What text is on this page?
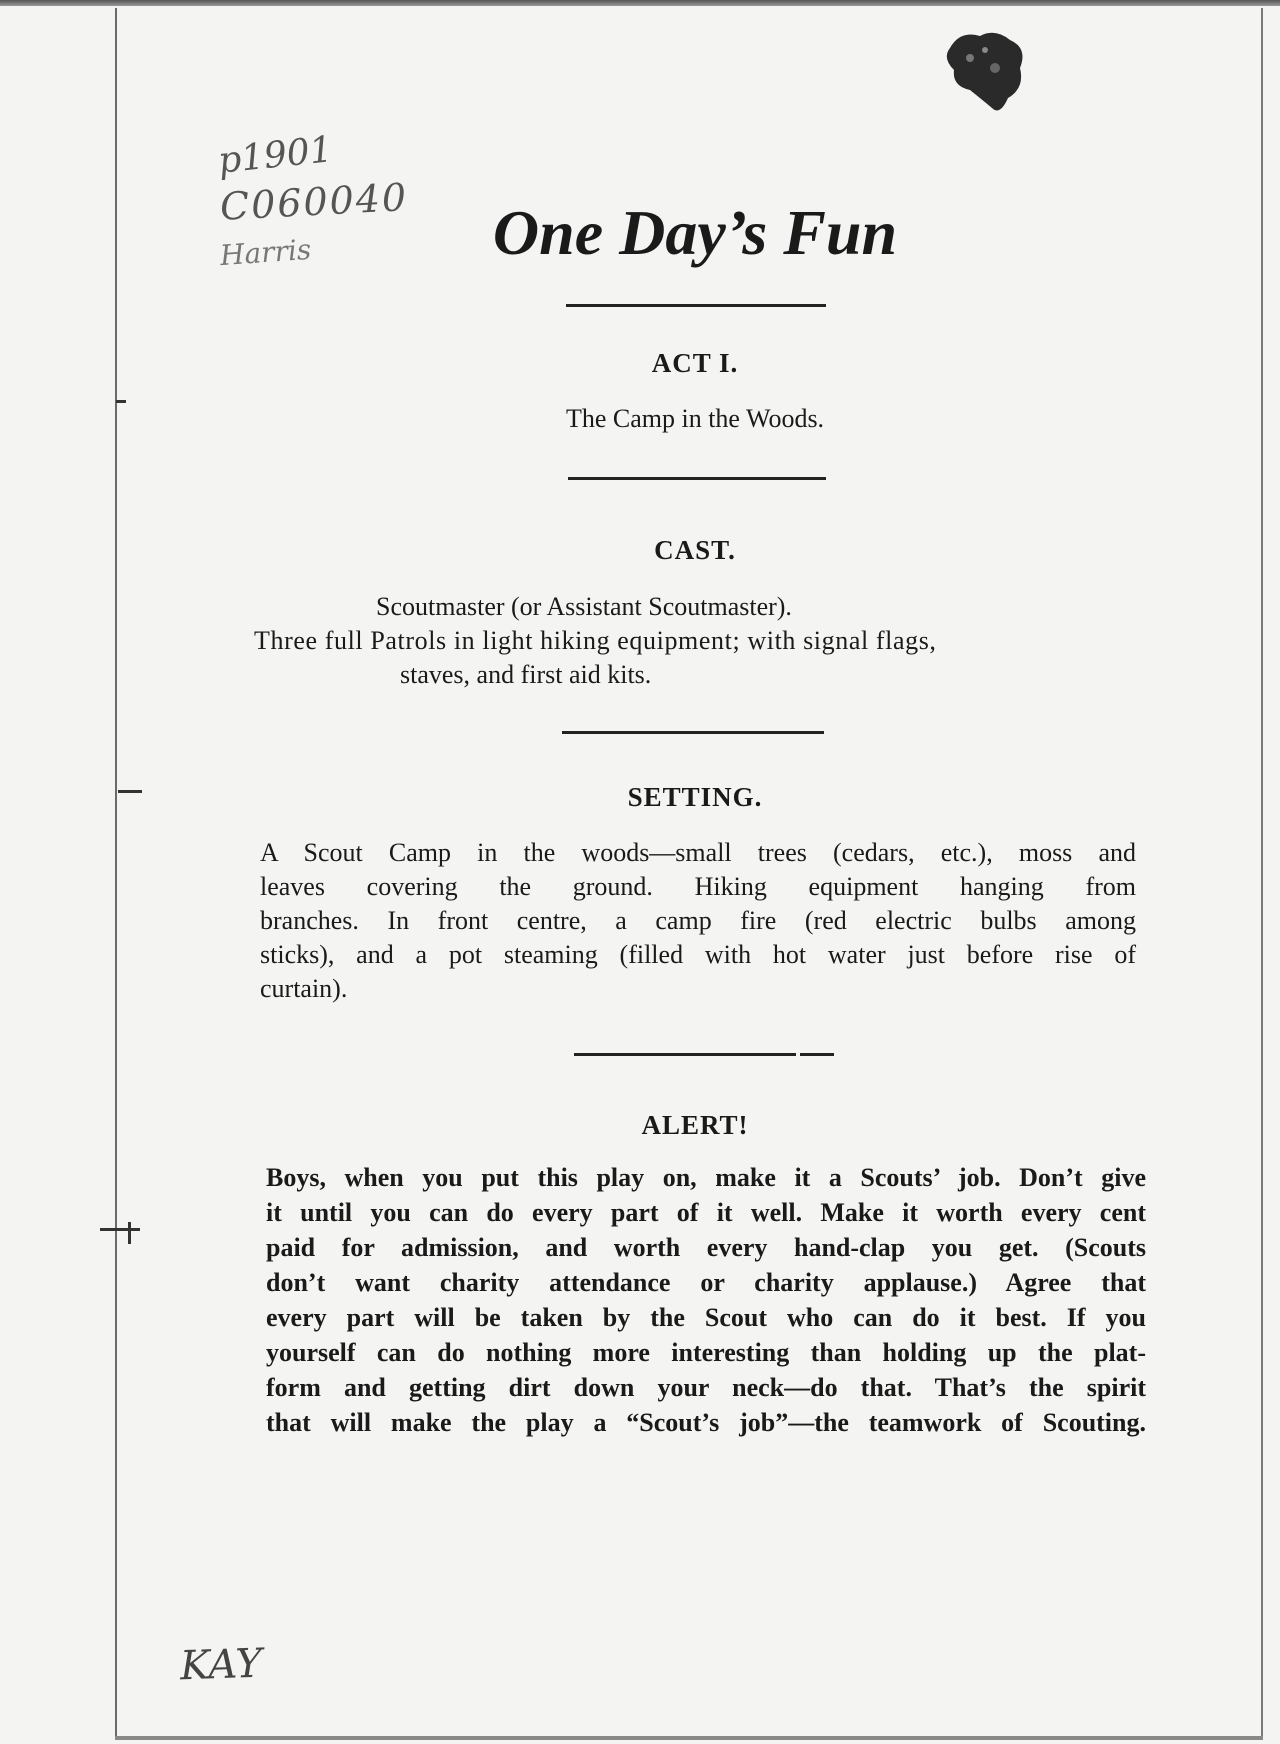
p1901
C060040
Harris
KAY
One Day’s Fun
ACT I.

The Camp in the Woods.

CAST.

Scoutmaster (or Assistant Scoutmaster).

Three full Patrols in light hiking equipment; with signal flags,

staves, and first aid kits.

SETTING.
A Scout Camp in the woods—small trees (cedars, etc.), moss and
leaves covering the ground. Hiking equipment hanging from
branches. In front centre, a camp fire (red electric bulbs among
sticks), and a pot steaming (filled with hot water just before rise of
curtain).
ALERT!
Boys, when you put this play on, make it a Scouts’ job. Don’t give
it until you can do every part of it well. Make it worth every cent
paid for admission, and worth every hand-clap you get. (Scouts
don’t want charity attendance or charity applause.) Agree that
every part will be taken by the Scout who can do it best. If you
yourself can do nothing more interesting than holding up the plat-
form and getting dirt down your neck—do that. That’s the spirit
that will make the play a “Scout’s job”—the teamwork of Scouting.
